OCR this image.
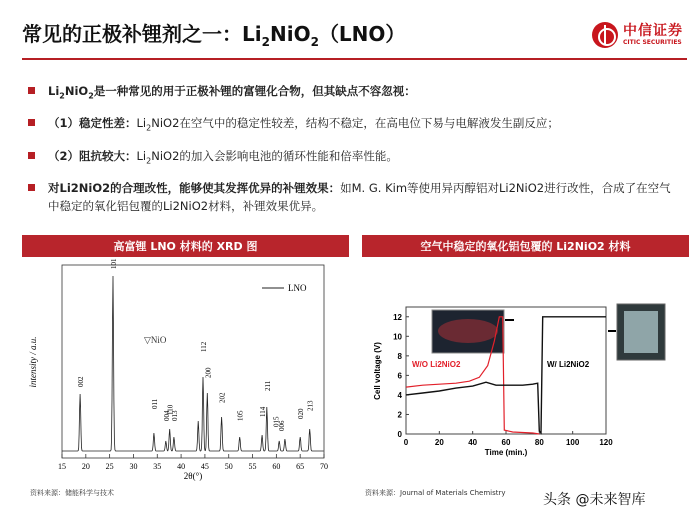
常见的正极补锂剂之一：$Li_2NiO_2(LNO)$	中信证券
CITIC SECURITIES
$Li_2NiO_2$是一种常见的用于正极补锂的富锂化合物，但其缺点不容忽视：
（1）稳定性差：$Li_2NiO2$在空气中的稳定性较差，结构不稳定，在高电位下易与电解液发生副反应；
（2）阻抗较大：$Li_2NiO2$的加入会影响电池的循环性能和倍率性能。
对Li2NiO2的合理改性，能够使其发挥优异的补锂效果：如M. G. Kim等使用异丙醇铝对Li2NiO2进行改性，合成了在空气中稳定的氧化铝包覆的Li2NiO2材料，补锂效果优异。
高富锂 LNO 材料的 XRD 图	空气中稳定的氧化铝包覆的 Li2NiO2 材料
intensity / a.u.
2θ(°)
LNO
▽NiO
15 20 25 30 35 40 45 50 55 60 65 70
002
101
011
004
110
013
112
200
202
105 114
211
015
006
020
213
Cell voltage (V)
Time (min.)
0
2
4
6
8
10
12
0	20	40	60	80	100 120
W/O Li2NiO2	W/ Li2NiO2
资料来源：储能科学与技术	资料来源：Journal of Materials Chemistry	头条 @未来智库
